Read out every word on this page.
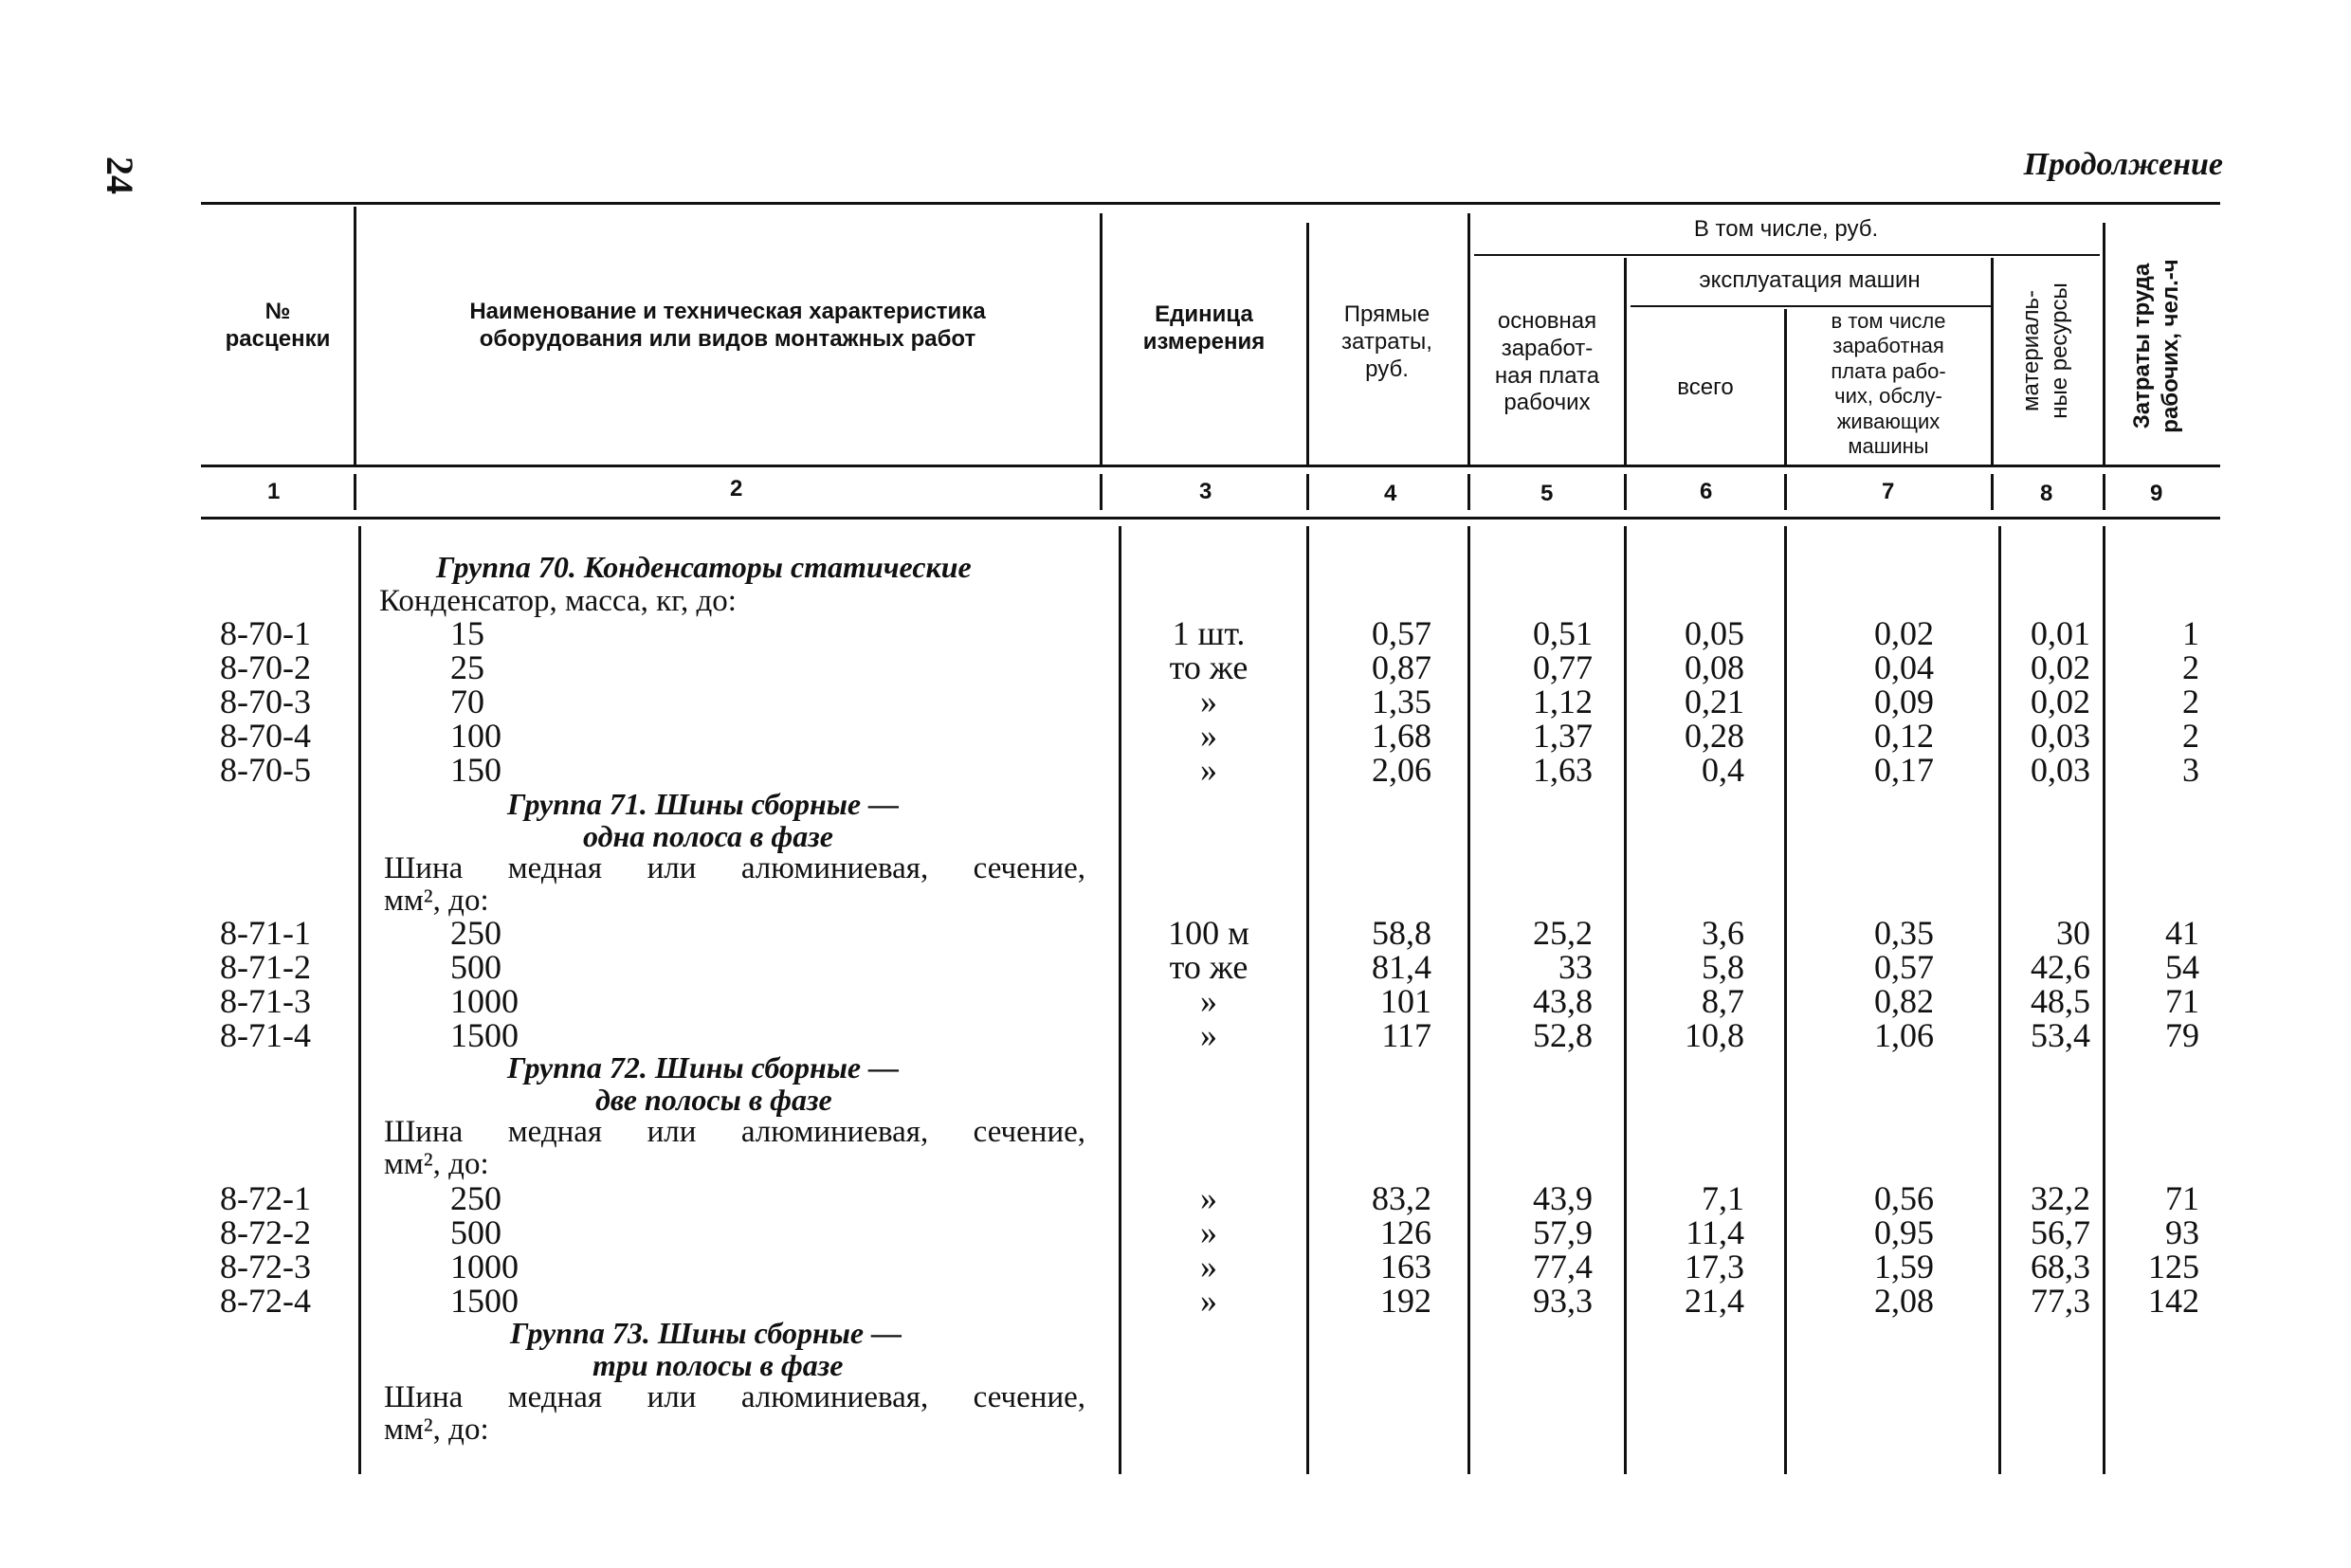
24	Продолжение
№
расценки
Наименование и техническая характеристика
оборудования или видов монтажных работ
Единица
измерения
Прямые
затраты,
руб.
В том числе, руб.
основная
заработ-
ная плата
рабочих
эксплуатация машин
всего
в том числе
заработная
плата рабо-
чих, обслу-
живающих
машины
материаль-
ные ресурсы
Затраты труда
рабочих, чел.-ч
1	2	3	4	5	6	7	8	9
Группа 70. Конденсаторы статические
Конденсатор, масса, кг, до:
Группа 71. Шины сборные —
одна полоса в фазе
Шина медная или алюминиевая, сечение,
мм², до:
Группа 72. Шины сборные —
две полосы в фазе
Шина медная или алюминиевая, сечение,
мм², до:
Группа 73. Шины сборные —
три полосы в фазе
Шина медная или алюминиевая, сечение,
мм², до:
8-70-1	15	1 шт.	0,57	0,51	0,05	0,02	0,01	1
8-70-2	25	то же	0,87	0,77	0,08	0,04	0,02	2
8-70-3	70	»	1,35	1,12	0,21	0,09	0,02	2
8-70-4	100	»	1,68	1,37	0,28	0,12	0,03	2
8-70-5	150	»	2,06	1,63	0,4	0,17	0,03	3
8-71-1	250	100 м	58,8	25,2	3,6	0,35	30	41
8-71-2	500	то же	81,4	33	5,8	0,57	42,6	54
8-71-3	1000	»	101	43,8	8,7	0,82	48,5	71
8-71-4	1500	»	117	52,8	10,8	1,06	53,4	79
8-72-1	250	»	83,2	43,9	7,1	0,56	32,2	71
8-72-2	500	»	126	57,9	11,4	0,95	56,7	93
8-72-3	1000	»	163	77,4	17,3	1,59	68,3	125
8-72-4	1500	»	192	93,3	21,4	2,08	77,3	142
